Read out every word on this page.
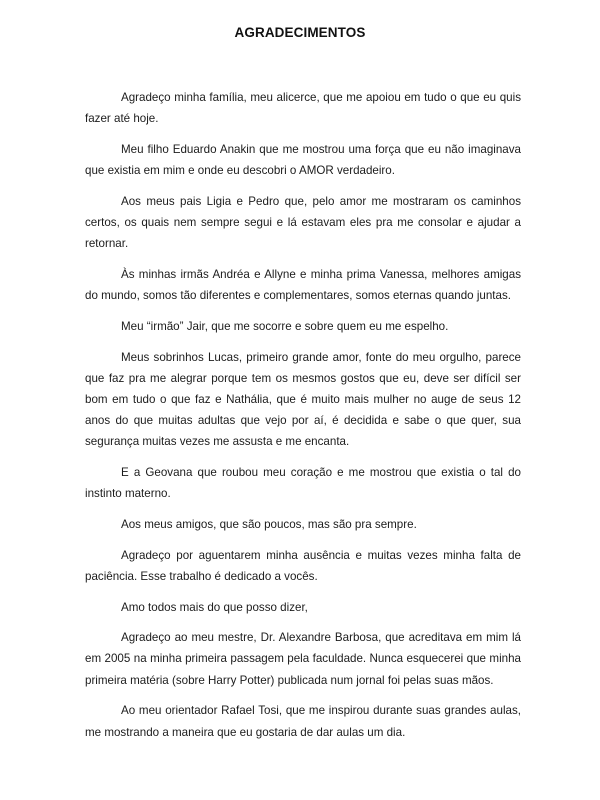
AGRADECIMENTOS

Agradeço minha família, meu alicerce, que me apoiou em tudo o que eu quis fazer até hoje.

Meu filho Eduardo Anakin que me mostrou uma força que eu não imaginava que existia em mim e onde eu descobri o AMOR verdadeiro.

Aos meus pais Ligia e Pedro que, pelo amor me mostraram os caminhos certos, os quais nem sempre segui e lá estavam eles pra me consolar e ajudar a retornar.

Às minhas irmãs Andréa e Allyne e minha prima Vanessa, melhores amigas do mundo, somos tão diferentes e complementares, somos eternas quando juntas.

Meu “irmão” Jair, que me socorre e sobre quem eu me espelho.

Meus sobrinhos Lucas, primeiro grande amor, fonte do meu orgulho, parece que faz pra me alegrar porque tem os mesmos gostos que eu, deve ser difícil ser bom em tudo o que faz e Nathália, que é muito mais mulher no auge de seus 12 anos do que muitas adultas que vejo por aí, é decidida e sabe o que quer, sua segurança muitas vezes me assusta e me encanta.

E a Geovana que roubou meu coração e me mostrou que existia o tal do instinto materno.

Aos meus amigos, que são poucos, mas são pra sempre.

Agradeço por aguentarem minha ausência e muitas vezes minha falta de paciência. Esse trabalho é dedicado a vocês.

Amo todos mais do que posso dizer,

Agradeço ao meu mestre, Dr. Alexandre Barbosa, que acreditava em mim lá em 2005 na minha primeira passagem pela faculdade. Nunca esquecerei que minha primeira matéria (sobre Harry Potter) publicada num jornal foi pelas suas mãos.

Ao meu orientador Rafael Tosi, que me inspirou durante suas grandes aulas, me mostrando a maneira que eu gostaria de dar aulas um dia.
